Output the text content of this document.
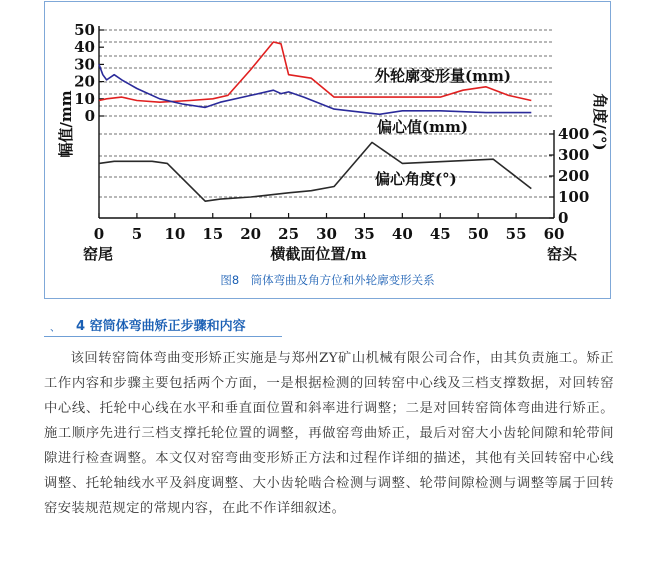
50
40
30
20
10
0
400
300
200
100
0
0 5 10 15 20 25 30 35 40 45 50 55 60
幅值/mm	角度/(°)
横截面位置/m
窑尾	窑头
外轮廓变形量(mm)
偏心值(mm)
偏心角度(°)
图8　筒体弯曲及角方位和外轮廓变形关系
、 4 窑筒体弯曲矫正步骤和内容

该回转窑筒体弯曲变形矫正实施是与郑州ZY矿山机械有限公司合作，由其负责施工。矫正工作内容和步骤主要包括两个方面，一是根据检测的回转窑中心线及三档支撑数据，对回转窑中心线、托轮中心线在水平和垂直面位置和斜率进行调整；二是对回转窑筒体弯曲进行矫正。施工顺序先进行三档支撑托轮位置的调整，再做窑弯曲矫正，最后对窑大小齿轮间隙和轮带间隙进行检查调整。本文仅对窑弯曲变形矫正方法和过程作详细的描述，其他有关回转窑中心线调整、托轮轴线水平及斜度调整、大小齿轮啮合检测与调整、轮带间隙检测与调整等属于回转窑安装规范规定的常规内容，在此不作详细叙述。
